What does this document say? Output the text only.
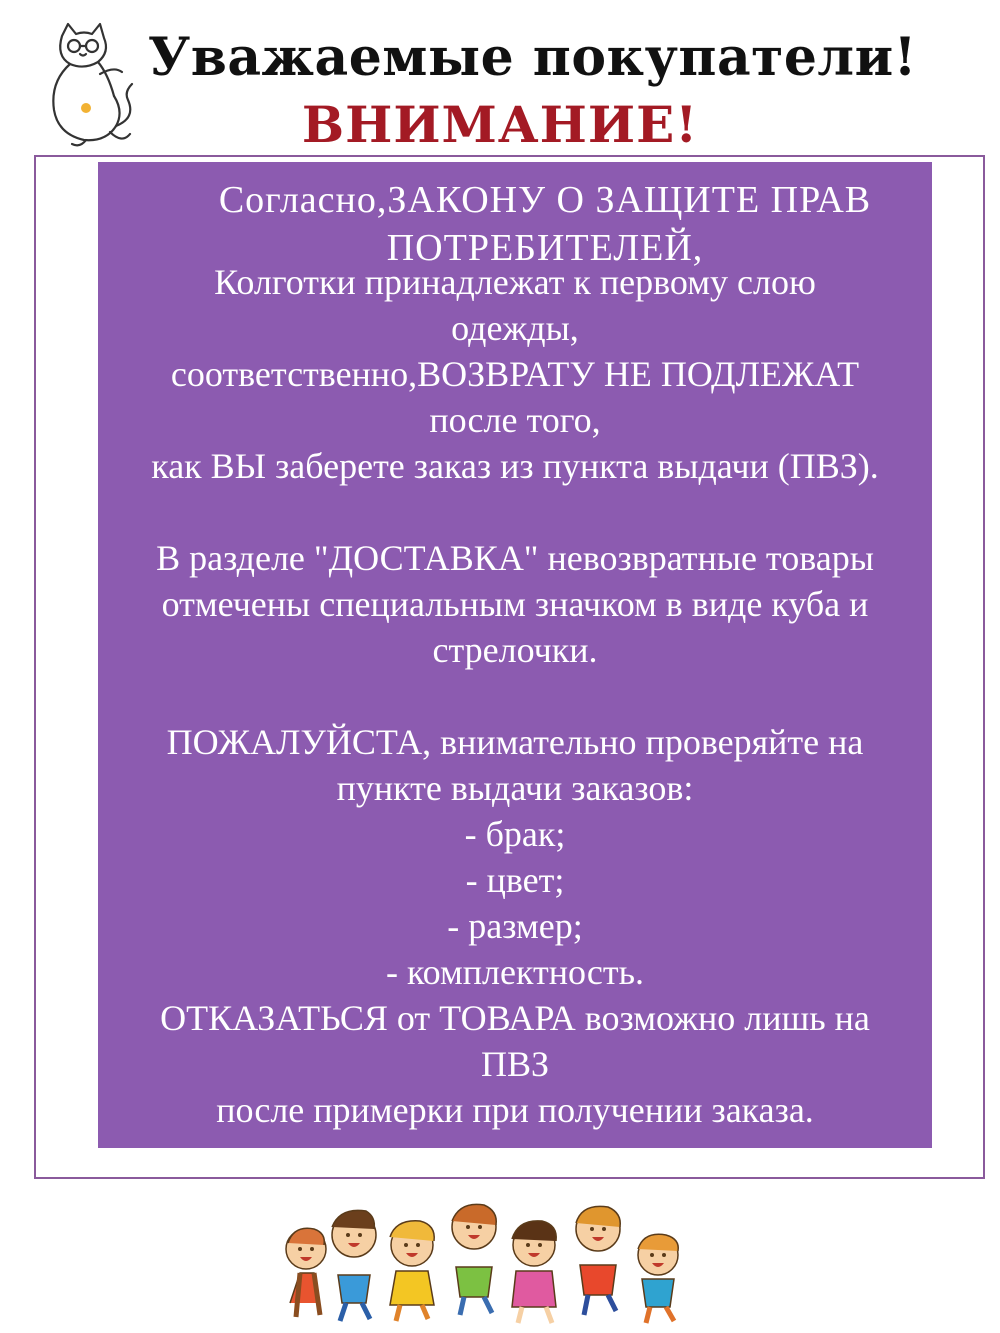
Уважаемые покупатели!
ВНИМАНИЕ!
Согласно,ЗАКОНУ О ЗАЩИТЕ ПРАВ
ПОТРЕБИТЕЛЕЙ,
Колготки принадлежат к первому слою
одежды,
соответственно,ВОЗВРАТУ НЕ ПОДЛЕЖАТ
после того,
как ВЫ заберете заказ из пункта выдачи (ПВЗ).
В разделе "ДОСТАВКА" невозвратные товары
отмечены специальным значком в виде куба и
стрелочки.
ПОЖАЛУЙСТА, внимательно проверяйте на
пункте выдачи заказов:
- брак;
- цвет;
- размер;
- комплектность.
ОТКАЗАТЬСЯ от ТОВАРА возможно лишь на
ПВЗ
после примерки при получении заказа.
